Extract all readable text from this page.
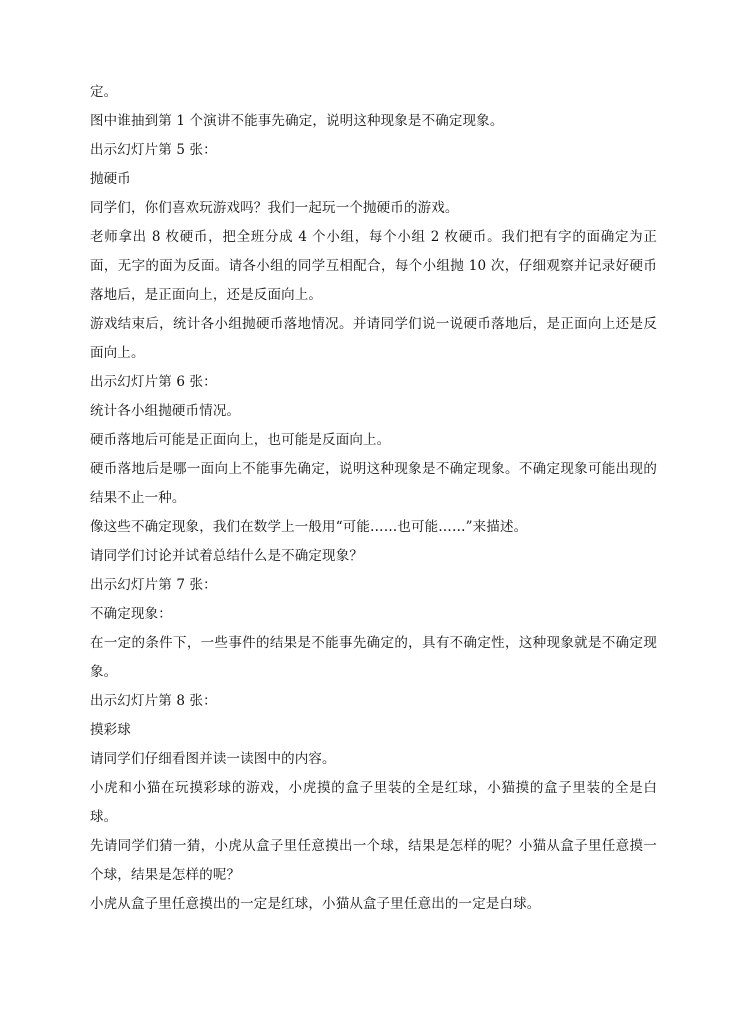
定。

图中谁抽到第 1 个演讲不能事先确定，说明这种现象是不确定现象。

出示幻灯片第 5 张：

抛硬币

同学们，你们喜欢玩游戏吗？我们一起玩一个抛硬币的游戏。

老师拿出 8 枚硬币，把全班分成 4 个小组，每个小组 2 枚硬币。我们把有字的面确定为正面，无字的面为反面。请各小组的同学互相配合，每个小组抛 10 次，仔细观察并记录好硬币落地后，是正面向上，还是反面向上。

游戏结束后，统计各小组抛硬币落地情况。并请同学们说一说硬币落地后，是正面向上还是反面向上。

出示幻灯片第 6 张：

统计各小组抛硬币情况。

硬币落地后可能是正面向上，也可能是反面向上。

硬币落地后是哪一面向上不能事先确定，说明这种现象是不确定现象。不确定现象可能出现的结果不止一种。

像这些不确定现象，我们在数学上一般用“可能……也可能……”来描述。

请同学们讨论并试着总结什么是不确定现象？

出示幻灯片第 7 张：

不确定现象：

在一定的条件下，一些事件的结果是不能事先确定的，具有不确定性，这种现象就是不确定现象。

出示幻灯片第 8 张：

摸彩球

请同学们仔细看图并读一读图中的内容。

小虎和小猫在玩摸彩球的游戏，小虎摸的盒子里装的全是红球，小猫摸的盒子里装的全是白球。

先请同学们猜一猜，小虎从盒子里任意摸出一个球，结果是怎样的呢？小猫从盒子里任意摸一个球，结果是怎样的呢？

小虎从盒子里任意摸出的一定是红球，小猫从盒子里任意出的一定是白球。
